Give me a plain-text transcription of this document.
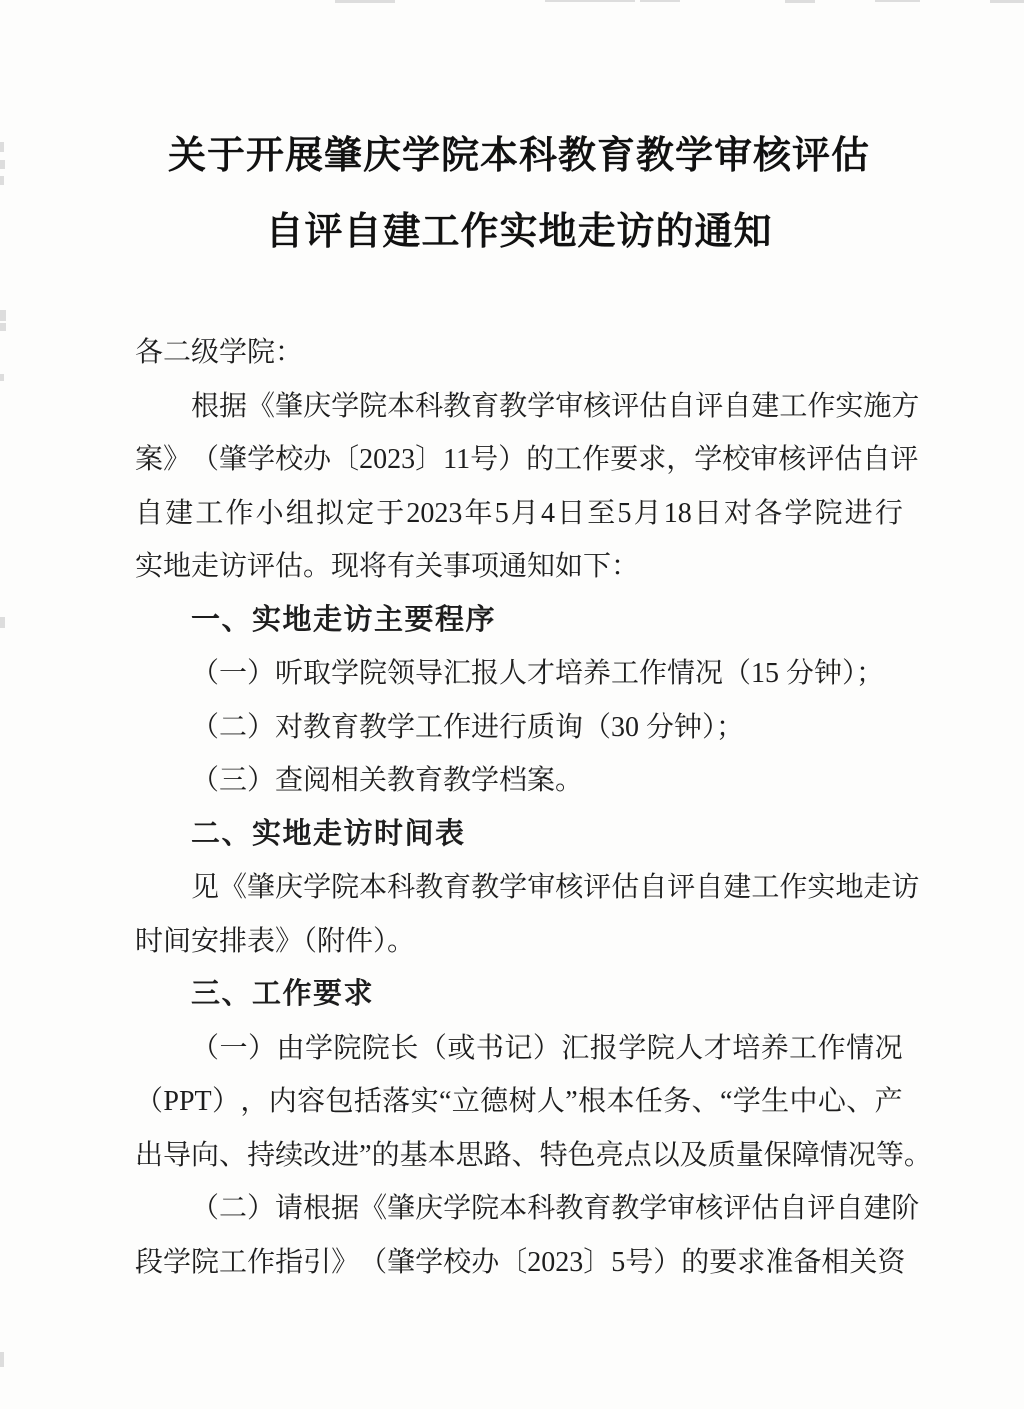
关于开展肇庆学院本科教育教学审核评估
自评自建工作实地走访的通知
各二级学院：
根 据 《 肇 庆 学 院 本 科 教 育 教 学 审 核 评 估 自 评 自 建 工 作 实 施 方
案 》 （ 肇 学 校 办 〔 2023 〕 11 号 ） 的 工 作 要 求 ， 学 校 审 核 评 估 自 评
自 建 工 作 小 组 拟 定 于 2023 年 5 月 4 日 至 5 月 18 日 对 各 学 院 进 行
实地走访评估。现将有关事项通知如下：
一、实地走访主要程序
（一）听取学院领导汇报人才培养工作情况（15 分钟）；
（二）对教育教学工作进行质询（30 分钟）；
（三）查阅相关教育教学档案。
二、实地走访时间表
见 《 肇 庆 学 院 本 科 教 育 教 学 审 核 评 估 自 评 自 建 工 作 实 地 走 访
时间安排表》（附件）。
三、工作要求
（ 一 ） 由 学 院 院 长 （ 或 书 记 ） 汇 报 学 院 人 才 培 养 工 作 情 况
（ PPT ） ， 内 容 包 括 落 实 “ 立 德 树 人 ” 根 本 任 务 、 “ 学 生 中 心 、 产
出 导 向 、 持 续 改 进 ” 的 基 本 思 路 、 特 色 亮 点 以 及 质 量 保 障 情 况 等 。
（ 二 ） 请 根 据 《 肇 庆 学 院 本 科 教 育 教 学 审 核 评 估 自 评 自 建 阶
段 学 院 工 作 指 引 》 （ 肇 学 校 办 〔 2023 〕 5 号 ） 的 要 求 准 备 相 关 资
